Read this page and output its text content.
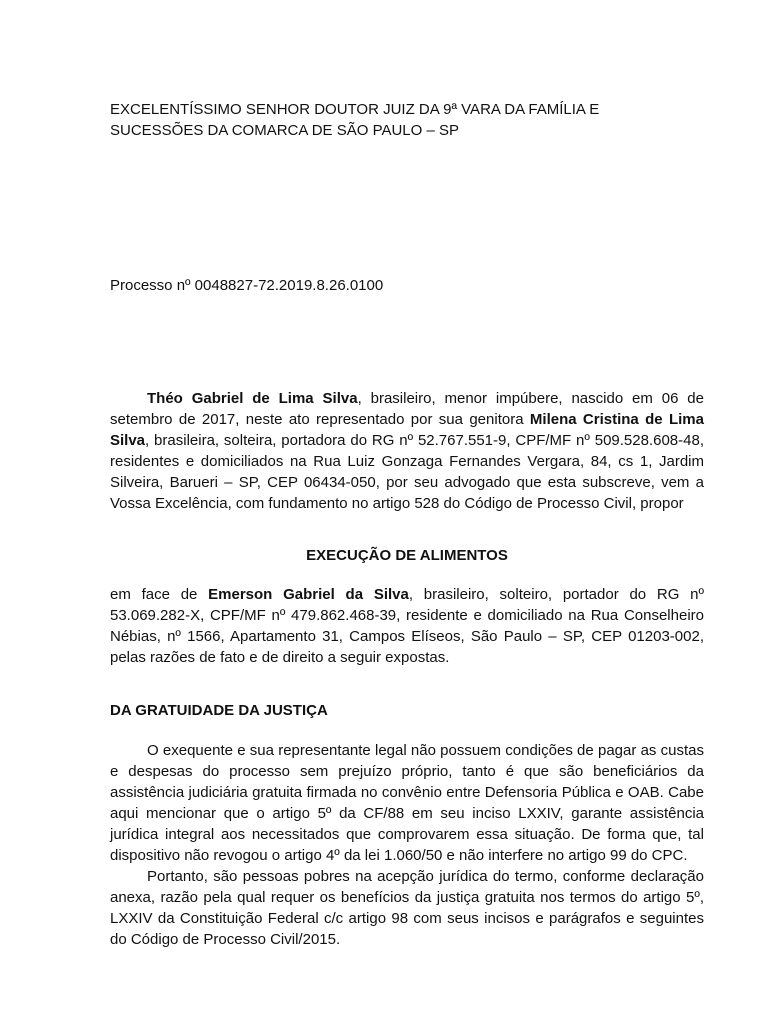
EXCELENTÍSSIMO SENHOR DOUTOR JUIZ DA 9ª VARA DA FAMÍLIA E
SUCESSÕES DA COMARCA DE SÃO PAULO – SP
Processo nº 0048827-72.2019.8.26.0100
Théo Gabriel de Lima Silva, brasileiro, menor impúbere, nascido em 06 de setembro de 2017, neste ato representado por sua genitora Milena Cristina de Lima Silva, brasileira, solteira, portadora do RG nº 52.767.551-9, CPF/MF nº 509.528.608-48, residentes e domiciliados na Rua Luiz Gonzaga Fernandes Vergara, 84, cs 1, Jardim Silveira, Barueri – SP, CEP 06434-050, por seu advogado que esta subscreve, vem a Vossa Excelência, com fundamento no artigo 528 do Código de Processo Civil, propor
EXECUÇÃO DE ALIMENTOS
em face de Emerson Gabriel da Silva, brasileiro, solteiro, portador do RG nº 53.069.282-X, CPF/MF nº 479.862.468-39, residente e domiciliado na Rua Conselheiro Nébias, nº 1566, Apartamento 31, Campos Elíseos, São Paulo – SP, CEP 01203-002, pelas razões de fato e de direito a seguir expostas.
DA GRATUIDADE DA JUSTIÇA

O exequente e sua representante legal não possuem condições de pagar as custas e despesas do processo sem prejuízo próprio, tanto é que são beneficiários da assistência judiciária gratuita firmada no convênio entre Defensoria Pública e OAB. Cabe aqui mencionar que o artigo 5º da CF/88 em seu inciso LXXIV, garante assistência jurídica integral aos necessitados que comprovarem essa situação. De forma que, tal dispositivo não revogou o artigo 4º da lei 1.060/50 e não interfere no artigo 99 do CPC.

Portanto, são pessoas pobres na acepção jurídica do termo, conforme declaração anexa, razão pela qual requer os benefícios da justiça gratuita nos termos do artigo 5º, LXXIV da Constituição Federal c/c artigo 98 com seus incisos e parágrafos e seguintes do Código de Processo Civil/2015.
